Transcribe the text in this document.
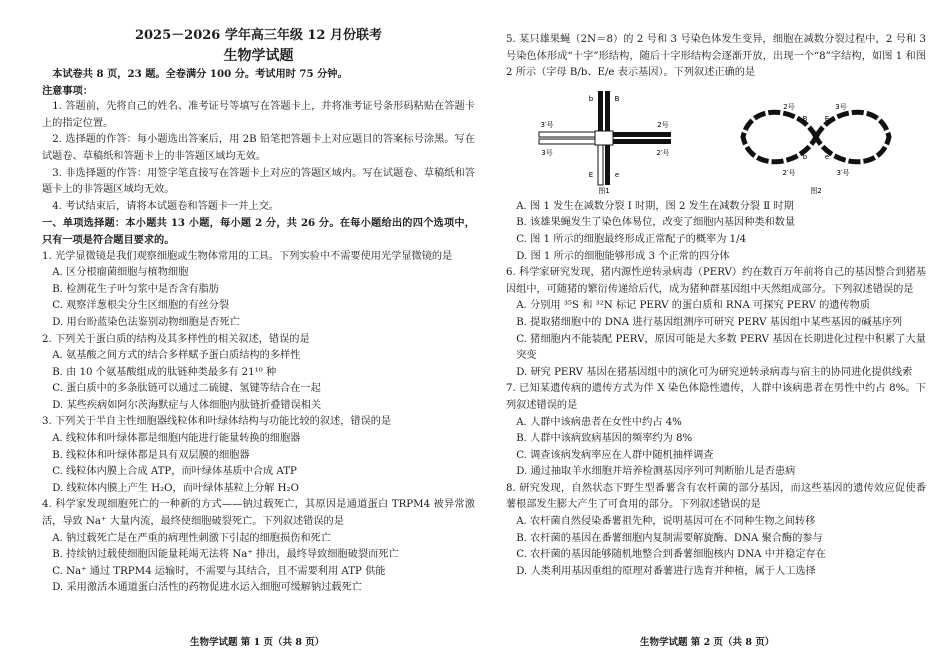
2025－2026 学年高三年级 12 月份联考
生物学试题

本试卷共 8 页，23 题。全卷满分 100 分。考试用时 75 分钟。

注意事项：

1. 答题前，先将自己的姓名、准考证号等填写在答题卡上，并将准考证号条形码粘贴在答题卡上的指定位置。

2. 选择题的作答：每小题选出答案后，用 2B 铅笔把答题卡上对应题目的答案标号涂黑。写在试题卷、草稿纸和答题卡上的非答题区域均无效。

3. 非选择题的作答：用签字笔直接写在答题卡上对应的答题区域内。写在试题卷、草稿纸和答题卡上的非答题区域均无效。

4. 考试结束后，请将本试题卷和答题卡一并上交。

一、单项选择题：本小题共 13 小题，每小题 2 分，共 26 分。在每小题给出的四个选项中，只有一项是符合题目要求的。

1. 光学显微镜是我们观察细胞或生物体常用的工具。下列实验中不需要使用光学显微镜的是

A. 区分根瘤菌细胞与植物细胞

B. 检测花生子叶匀浆中是否含有脂肪

C. 观察洋葱根尖分生区细胞的有丝分裂

D. 用台盼蓝染色法鉴别动物细胞是否死亡

2. 下列关于蛋白质的结构及其多样性的相关叙述，错误的是

A. 氨基酸之间方式的结合多样赋予蛋白质结构的多样性

B. 由 10 个氨基酸组成的肽链种类最多有 21¹⁰ 种

C. 蛋白质中的多条肽链可以通过二硫键、氢键等结合在一起

D. 某些疾病如阿尔茨海默症与人体细胞内肽链折叠错误相关

3. 下列关于半自主性细胞器线粒体和叶绿体结构与功能比较的叙述，错误的是

A. 线粒体和叶绿体都是细胞内能进行能量转换的细胞器

B. 线粒体和叶绿体都是具有双层膜的细胞器

C. 线粒体内膜上合成 ATP，而叶绿体基质中合成 ATP

D. 线粒体内膜上产生 H₂O，而叶绿体基粒上分解 H₂O

4. 科学家发现细胞死亡的一种新的方式——钠过载死亡，其原因是通道蛋白 TRPM4 被异常激活，导致 Na⁺ 大量内流，最终使细胞破裂死亡。下列叙述错误的是

A. 钠过载死亡是在严重的病理性刺激下引起的细胞损伤和死亡

B. 持续钠过载使细胞因能量耗竭无法将 Na⁺ 排出，最终导致细胞破裂而死亡

C. Na⁺ 通过 TRPM4 运输时，不需要与其结合，且不需要利用 ATP 供能

D. 采用激活本通道蛋白活性的药物促进水运入细胞可缓解钠过载死亡

5. 某只雄果蝇（2N＝8）的 2 号和 3 号染色体发生变异，细胞在减数分裂过程中，2 号和 3 号染色体形成“十字”形结构，随后十字形结构会逐渐开放，出现一个“8”字结构，如图 1 和图 2 所示（字母 B/b、E/e 表示基因）。下列叙述正确的是

b	B
E	e
3′号
3号
2号
2′号
图1
2号	3号
B E
b	e
2′号	3′号
图2

A. 图 1 发生在减数分裂 Ⅰ 时期，图 2 发生在减数分裂 Ⅱ 时期

B. 该雄果蝇发生了染色体易位，改变了细胞内基因种类和数量

C. 图 1 所示的细胞最终形成正常配子的概率为 1/4

D. 图 1 所示的细胞能够形成 3 个正常的四分体

6. 科学家研究发现，猪内源性逆转录病毒（PERV）约在数百万年前将自己的基因整合到猪基因组中，可随猪的繁衍传递给后代，成为猪种群基因组中天然组成部分。下列叙述错误的是

A. 分别用 ³⁵S 和 ³²N 标记 PERV 的蛋白质和 RNA 可探究 PERV 的遗传物质

B. 提取猪细胞中的 DNA 进行基因组测序可研究 PERV 基因组中某些基因的碱基序列

C. 猪细胞内不能装配 PERV，原因可能是大多数 PERV 基因在长期进化过程中积累了大量突变

D. 研究 PERV 基因在猪基因组中的演化可为研究逆转录病毒与宿主的协同进化提供线索

7. 已知某遗传病的遗传方式为伴 X 染色体隐性遗传，人群中该病患者在男性中约占 8%。下列叙述错误的是

A. 人群中该病患者在女性中约占 4%

B. 人群中该病致病基因的频率约为 8%

C. 调查该病发病率应在人群中随机抽样调查

D. 通过抽取羊水细胞并培养检测基因序列可判断胎儿是否患病

8. 研究发现，自然状态下野生型番薯含有农杆菌的部分基因，而这些基因的遗传效应促使番薯根部发生膨大产生了可食用的部分。下列叙述错误的是

A. 农杆菌自然侵染番薯祖先种，说明基因可在不同种生物之间转移

B. 农杆菌的基因在番薯细胞内复制需要解旋酶、DNA 聚合酶的参与

C. 农杆菌的基因能够随机地整合到番薯细胞核内 DNA 中并稳定存在

D. 人类利用基因重组的原理对番薯进行选育并种植，属于人工选择

生物学试题 第 1 页（共 8 页）	生物学试题 第 2 页（共 8 页）
